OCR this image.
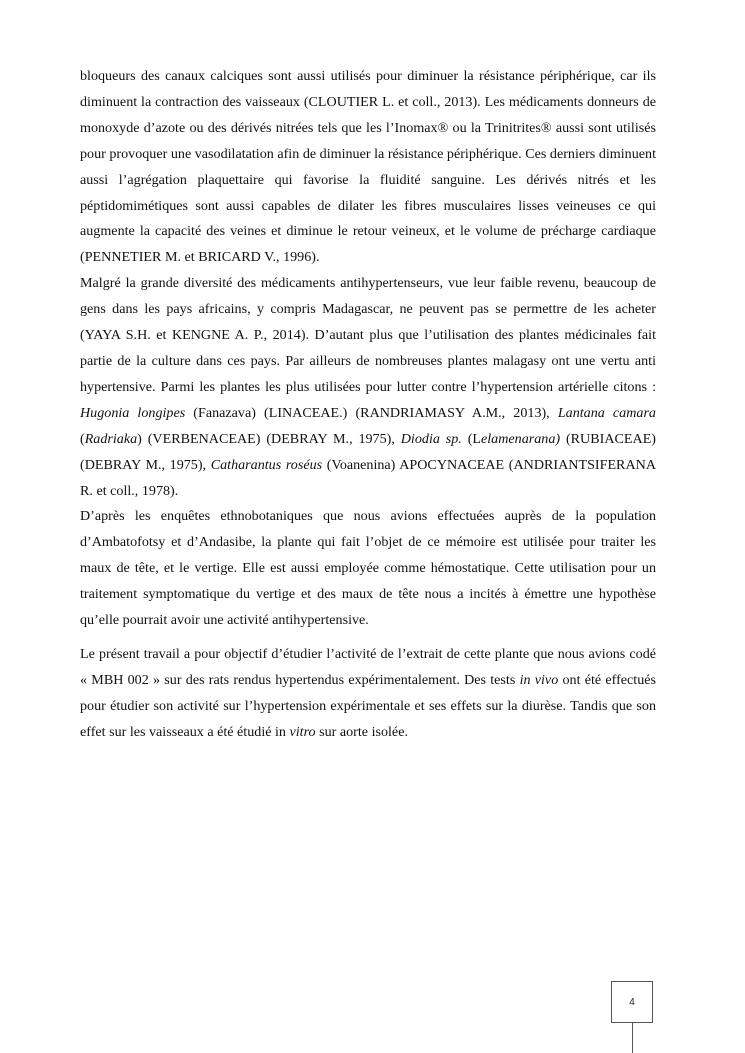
bloqueurs des canaux calciques sont aussi utilisés pour diminuer la résistance périphérique, car ils diminuent la contraction des vaisseaux (CLOUTIER L. et coll., 2013). Les médicaments donneurs de monoxyde d’azote ou des dérivés nitrées tels que les l’Inomax® ou la Trinitrites® aussi sont utilisés pour provoquer une vasodilatation afin de diminuer la résistance périphérique. Ces derniers diminuent aussi l’agrégation plaquettaire qui favorise la fluidité sanguine. Les dérivés nitrés et les péptidomimétiques sont aussi capables de dilater les fibres musculaires lisses veineuses ce qui augmente la capacité des veines et diminue le retour veineux, et le volume de précharge cardiaque (PENNETIER M. et BRICARD V., 1996).

Malgré la grande diversité des médicaments antihypertenseurs, vue leur faible revenu, beaucoup de gens dans les pays africains, y compris Madagascar, ne peuvent pas se permettre de les acheter (YAYA S.H. et KENGNE A. P., 2014). D’autant plus que l’utilisation des plantes médicinales fait partie de la culture dans ces pays. Par ailleurs de nombreuses plantes malagasy ont une vertu anti hypertensive. Parmi les plantes les plus utilisées pour lutter contre l’hypertension artérielle citons : Hugonia longipes (Fanazava) (LINACEAE.) (RANDRIAMASY A.M., 2013), Lantana camara (Radriaka) (VERBENACEAE) (DEBRAY M., 1975), Diodia sp. (Lelamenarana) (RUBIACEAE) (DEBRAY M., 1975), Catharantus roséus (Voanenina) APOCYNACEAE (ANDRIANTSIFERANA R. et coll., 1978).

D’après les enquêtes ethnobotaniques que nous avions effectuées auprès de la population d’Ambatofotsy et d’Andasibe, la plante qui fait l’objet de ce mémoire est utilisée pour traiter les maux de tête, et le vertige. Elle est aussi employée comme hémostatique. Cette utilisation pour un traitement symptomatique du vertige et des maux de tête nous a incités à émettre une hypothèse qu’elle pourrait avoir une activité antihypertensive.

Le présent travail a pour objectif d’étudier l’activité de l’extrait de cette plante que nous avions codé « MBH 002 » sur des rats rendus hypertendus expérimentalement. Des tests in vivo ont été effectués pour étudier son activité sur l’hypertension expérimentale et ses effets sur la diurèse. Tandis que son effet sur les vaisseaux a été étudié in vitro sur aorte isolée.

4
